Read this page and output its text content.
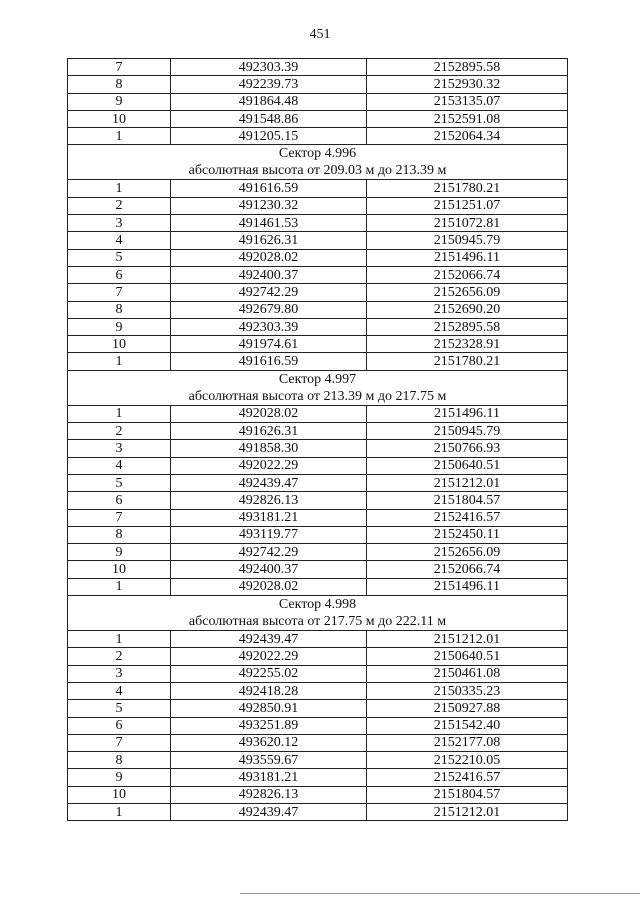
451
7	492303.39	2152895.58
8	492239.73	2152930.32
9	491864.48	2153135.07
10	491548.86	2152591.08
1	491205.15	2152064.34
Сектор 4.996		
абсолютная высота от 209.03 м до 213.39 м		
1	491616.59	2151780.21
2	491230.32	2151251.07
3	491461.53	2151072.81
4	491626.31	2150945.79
5	492028.02	2151496.11
6	492400.37	2152066.74
7	492742.29	2152656.09
8	492679.80	2152690.20
9	492303.39	2152895.58
10	491974.61	2152328.91
1	491616.59	2151780.21
Сектор 4.997		
абсолютная высота от 213.39 м до 217.75 м		
1	492028.02	2151496.11
2	491626.31	2150945.79
3	491858.30	2150766.93
4	492022.29	2150640.51
5	492439.47	2151212.01
6	492826.13	2151804.57
7	493181.21	2152416.57
8	493119.77	2152450.11
9	492742.29	2152656.09
10	492400.37	2152066.74
1	492028.02	2151496.11
Сектор 4.998		
абсолютная высота от 217.75 м до 222.11 м		
1	492439.47	2151212.01
2	492022.29	2150640.51
3	492255.02	2150461.08
4	492418.28	2150335.23
5	492850.91	2150927.88
6	493251.89	2151542.40
7	493620.12	2152177.08
8	493559.67	2152210.05
9	493181.21	2152416.57
10	492826.13	2151804.57
1	492439.47	2151212.01
